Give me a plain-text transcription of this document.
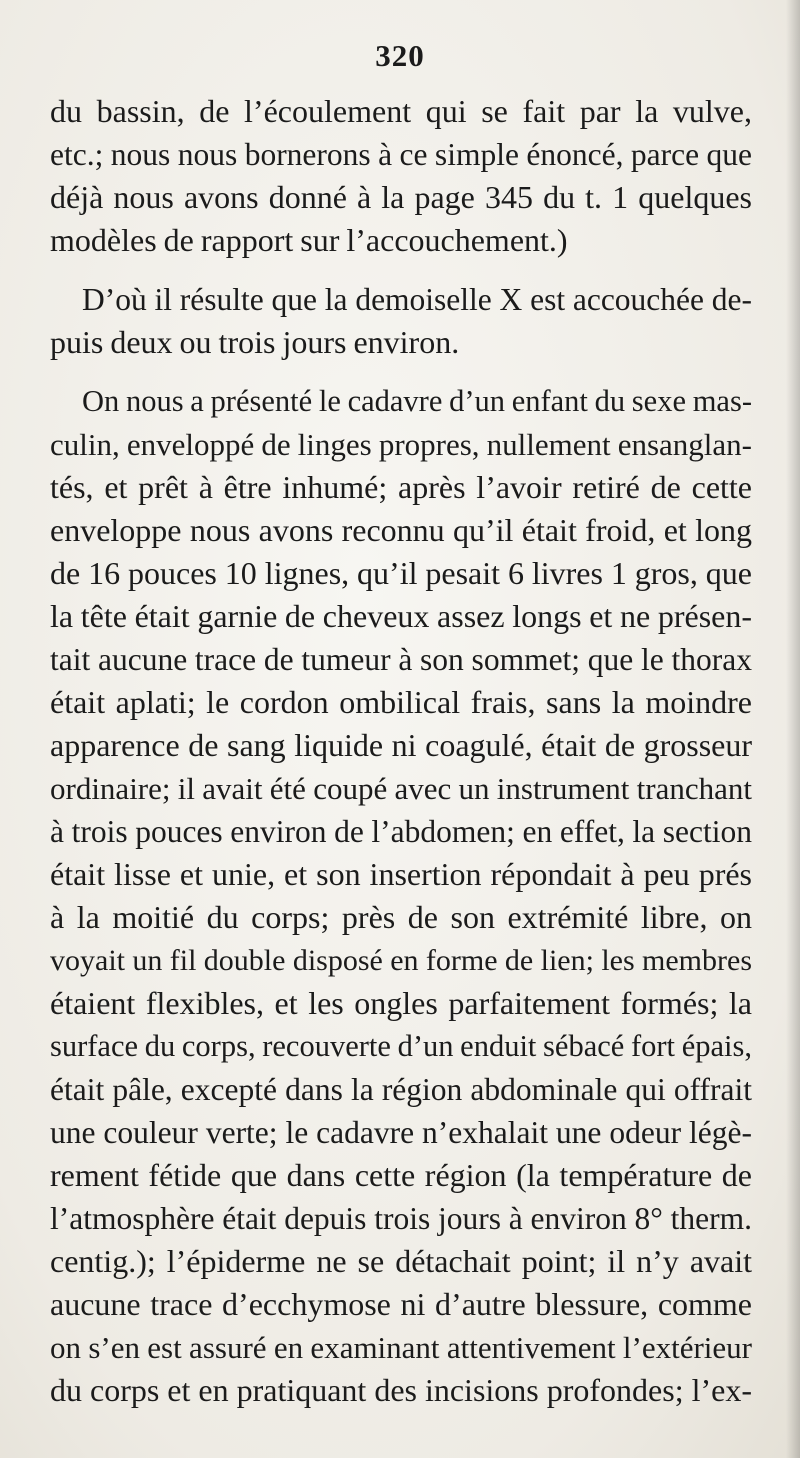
320

du bassin, de l’écoulement qui se fait par la vulve,
etc.; nous nous bornerons à ce simple énoncé, parce que
déjà nous avons donné à la page 345 du t. 1 quelques
modèles de rapport sur l’accouchement.)

D’où il résulte que la demoiselle X est accouchée de-
puis deux ou trois jours environ.

On nous a présenté le cadavre d’un enfant du sexe mas-
culin, enveloppé de linges propres, nullement ensanglan-
tés, et prêt à être inhumé; après l’avoir retiré de cette
enveloppe nous avons reconnu qu’il était froid, et long
de 16 pouces 10 lignes, qu’il pesait 6 livres 1 gros, que
la tête était garnie de cheveux assez longs et ne présen-
tait aucune trace de tumeur à son sommet; que le thorax
était aplati; le cordon ombilical frais, sans la moindre
apparence de sang liquide ni coagulé, était de grosseur
ordinaire; il avait été coupé avec un instrument tranchant
à trois pouces environ de l’abdomen; en effet, la section
était lisse et unie, et son insertion répondait à peu prés
à la moitié du corps; près de son extrémité libre, on
voyait un fil double disposé en forme de lien; les membres
étaient flexibles, et les ongles parfaitement formés; la
surface du corps, recouverte d’un enduit sébacé fort épais,
était pâle, excepté dans la région abdominale qui offrait
une couleur verte; le cadavre n’exhalait une odeur légè-
rement fétide que dans cette région (la température de
l’atmosphère était depuis trois jours à environ 8° therm.
centig.); l’épiderme ne se détachait point; il n’y avait
aucune trace d’ecchymose ni d’autre blessure, comme
on s’en est assuré en examinant attentivement l’extérieur
du corps et en pratiquant des incisions profondes; l’ex-
